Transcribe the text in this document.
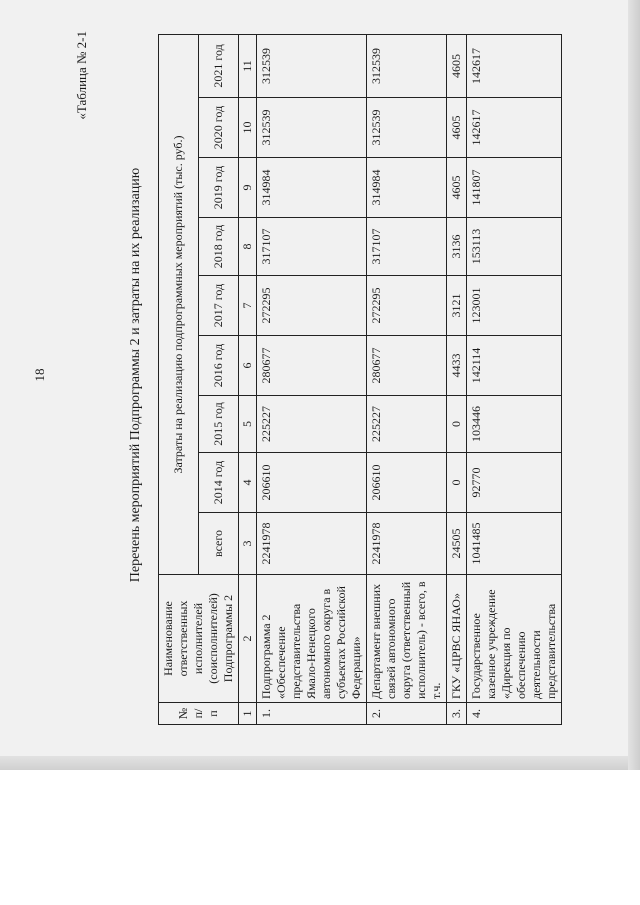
18
«Таблица № 2-1
Перечень мероприятий Подпрограммы 2 и затраты на их реализацию
№ п/п	Наименование ответственных исполнителей (соисполнителей) Подпрограммы 2	Затраты на реализацию подпрограммных мероприятий (тыс. руб.)								
		всего	2014 год	2015 год	2016 год	2017 год	2018 год	2019 год	2020 год	2021 год
1	2	3	4	5	6	7	8	9	10	11
1.	Подпрограмма 2 «Обеспечение представительства Ямало-Ненецкого автономного округа в субъектах Российской Федерации»	2241978	206610	225227	280677	272295	317107	314984	312539	312539
2.	Департамент внешних связей автономного округа (ответственный исполнитель) - всего, в т.ч.	2241978	206610	225227	280677	272295	317107	314984	312539	312539
3.	ГКУ «ЦРВС ЯНАО»	24505	0	0	4433	3121	3136	4605	4605	4605
4.	Государственное казенное учреждение «Дирекция по обеспечению деятельности представительства	1041485	92770	103446	142114	123001	153113	141807	142617	142617
